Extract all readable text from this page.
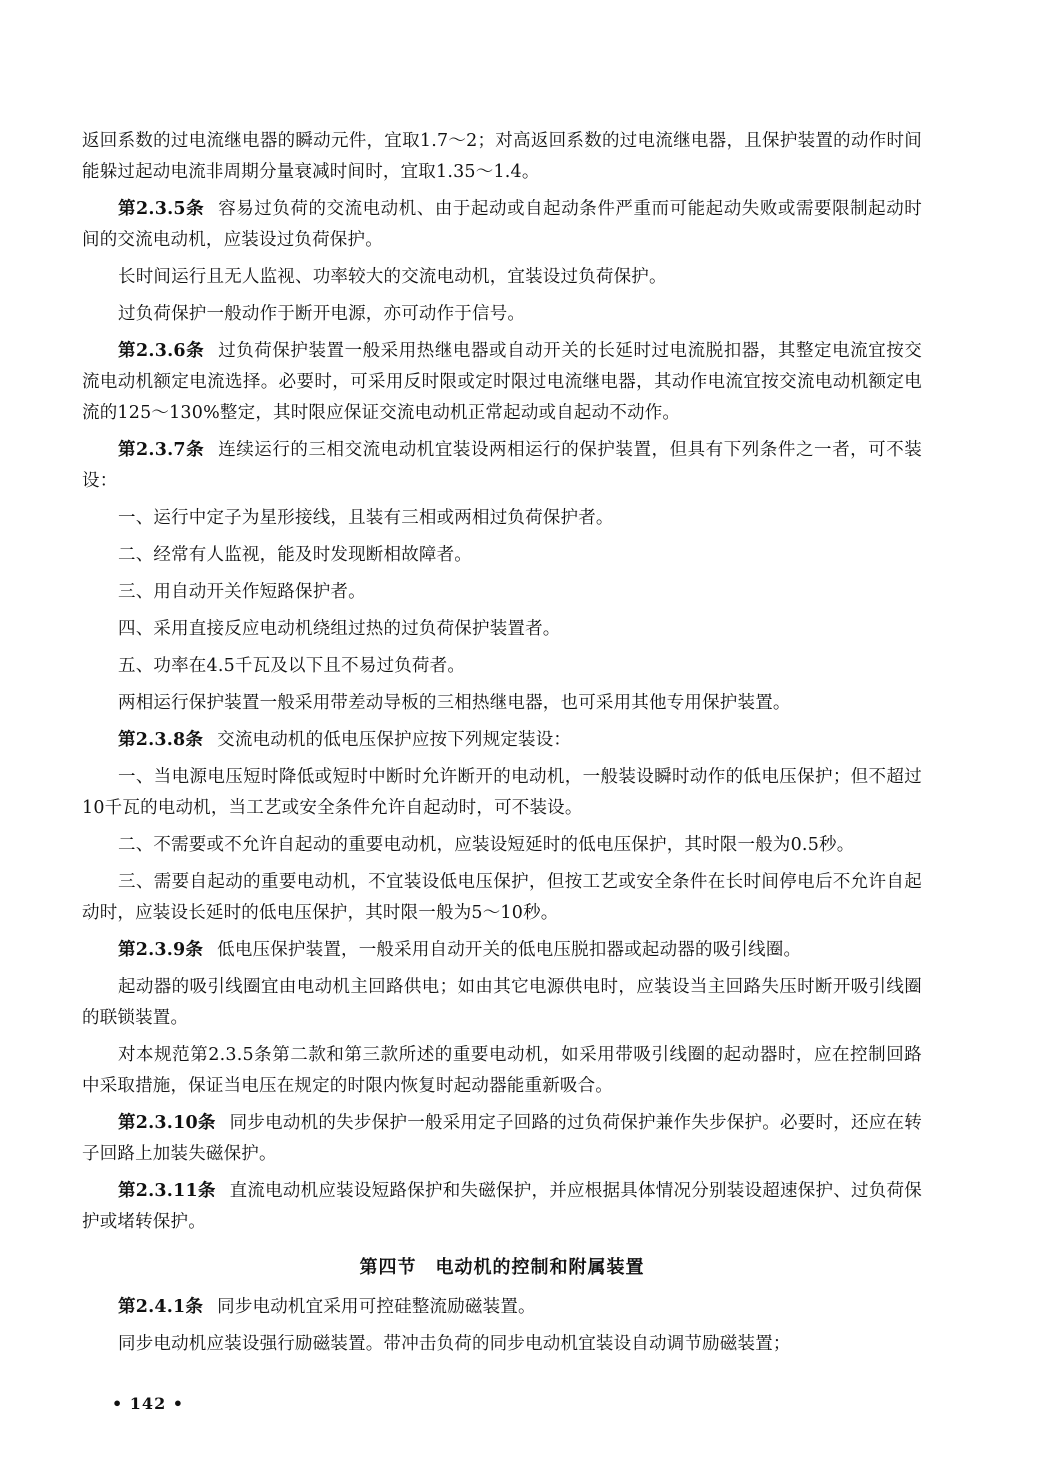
返回系数的过电流继电器的瞬动元件，宜取1.7～2；对高返回系数的过电流继电器，且保护装置的动作时间能躲过起动电流非周期分量衰减时间时，宜取1.35～1.4。
第2.3.5条 容易过负荷的交流电动机、由于起动或自起动条件严重而可能起动失败或需要限制起动时间的交流电动机，应装设过负荷保护。
长时间运行且无人监视、功率较大的交流电动机，宜装设过负荷保护。
过负荷保护一般动作于断开电源，亦可动作于信号。
第2.3.6条 过负荷保护装置一般采用热继电器或自动开关的长延时过电流脱扣器，其整定电流宜按交流电动机额定电流选择。必要时，可采用反时限或定时限过电流继电器，其动作电流宜按交流电动机额定电流的125～130%整定，其时限应保证交流电动机正常起动或自起动不动作。
第2.3.7条 连续运行的三相交流电动机宜装设两相运行的保护装置，但具有下列条件之一者，可不装设：
一、运行中定子为星形接线，且装有三相或两相过负荷保护者。
二、经常有人监视，能及时发现断相故障者。
三、用自动开关作短路保护者。
四、采用直接反应电动机绕组过热的过负荷保护装置者。
五、功率在4.5千瓦及以下且不易过负荷者。
两相运行保护装置一般采用带差动导板的三相热继电器，也可采用其他专用保护装置。
第2.3.8条 交流电动机的低电压保护应按下列规定装设：
一、当电源电压短时降低或短时中断时允许断开的电动机，一般装设瞬时动作的低电压保护；但不超过10千瓦的电动机，当工艺或安全条件允许自起动时，可不装设。
二、不需要或不允许自起动的重要电动机，应装设短延时的低电压保护，其时限一般为0.5秒。
三、需要自起动的重要电动机，不宜装设低电压保护，但按工艺或安全条件在长时间停电后不允许自起动时，应装设长延时的低电压保护，其时限一般为5～10秒。
第2.3.9条 低电压保护装置，一般采用自动开关的低电压脱扣器或起动器的吸引线圈。
起动器的吸引线圈宜由电动机主回路供电；如由其它电源供电时，应装设当主回路失压时断开吸引线圈的联锁装置。
对本规范第2.3.5条第二款和第三款所述的重要电动机，如采用带吸引线圈的起动器时，应在控制回路中采取措施，保证当电压在规定的时限内恢复时起动器能重新吸合。
第2.3.10条 同步电动机的失步保护一般采用定子回路的过负荷保护兼作失步保护。必要时，还应在转子回路上加装失磁保护。
第2.3.11条 直流电动机应装设短路保护和失磁保护，并应根据具体情况分别装设超速保护、过负荷保护或堵转保护。
第四节　电动机的控制和附属装置
第2.4.1条 同步电动机宜采用可控硅整流励磁装置。
同步电动机应装设强行励磁装置。带冲击负荷的同步电动机宜装设自动调节励磁装置；
• 142 •
